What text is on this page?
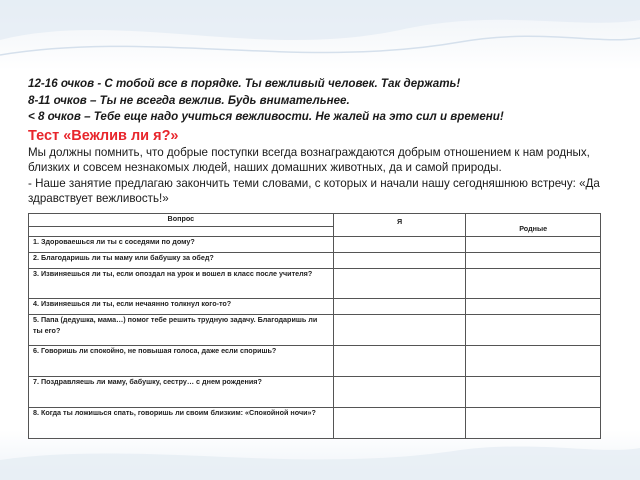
12-16 очков - С тобой все в порядке. Ты вежливый человек. Так держать!
8-11 очков – Ты не всегда вежлив. Будь внимательнее.
< 8 очков – Тебе еще надо учиться вежливости. Не жалей на это сил и времени!
Тест «Вежлив ли я?»
Мы должны помнить, что добрые поступки всегда вознаграждаются добрым отношением к нам родных, близких и совсем незнакомых людей, наших домашних животных, да и самой природы.
- Наше занятие предлагаю закончить теми словами, с которых и начали нашу сегодняшнюю встречу: «Да здравствует вежливость!»
Вопрос	Я	Родные

1. Здороваешься ли ты с соседями по дому?		
2. Благодаришь ли ты маму или бабушку за обед?		
3. Извиняешься ли ты, если опоздал на урок и вошел в класс после учителя?		
4. Извиняешься ли ты, если нечаянно толкнул кого-то?		
5. Папа (дедушка, мама…) помог тебе решить трудную задачу. Благодаришь ли ты его?		
6. Говоришь ли спокойно, не повышая голоса, даже если споришь?		
7. Поздравляешь ли маму, бабушку, сестру… с днем рождения?		
8. Когда ты ложишься спать, говоришь ли своим близким: «Спокойной ночи»?		
